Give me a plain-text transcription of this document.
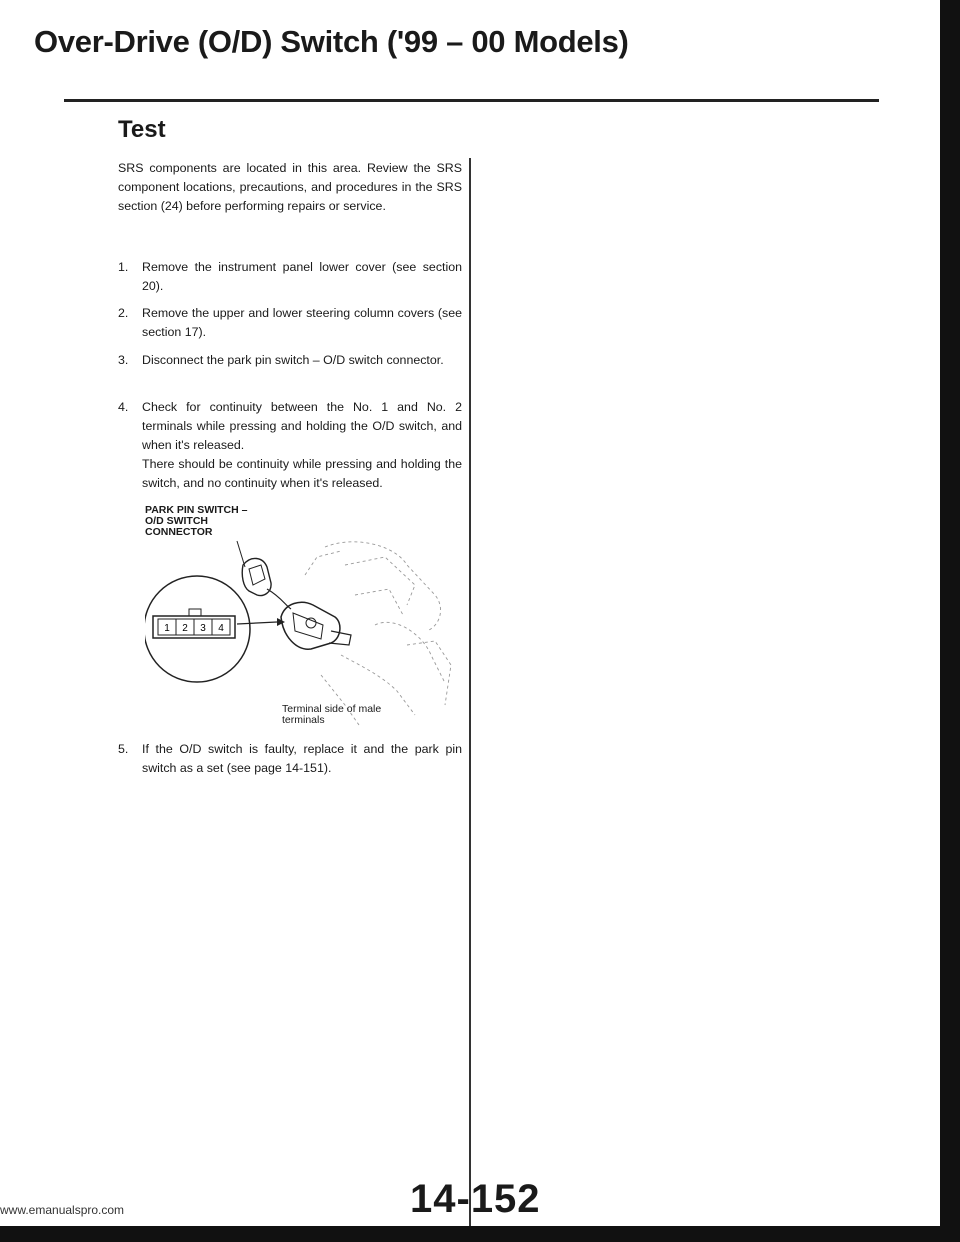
Over-Drive (O/D) Switch ('99 – 00 Models)
Test
SRS components are located in this area. Review the SRS component locations, precautions, and procedures in the SRS section (24) before performing repairs or service.
1.	Remove the instrument panel lower cover (see section 20).
2.	Remove the upper and lower steering column covers (see section 17).
3.	Disconnect the park pin switch – O/D switch connector.
4.	Check for continuity between the No. 1 and No. 2 terminals while pressing and holding the O/D switch, and when it's released.

There should be continuity while pressing and holding the switch, and no continuity when it's released.

1 2 3 4
PARK PIN SWITCH –
O/D SWITCH
CONNECTOR
Terminal side of male terminals
5.	If the O/D switch is faulty, replace it and the park pin switch as a set (see page 14-151).
14-152
www.emanualspro.com
